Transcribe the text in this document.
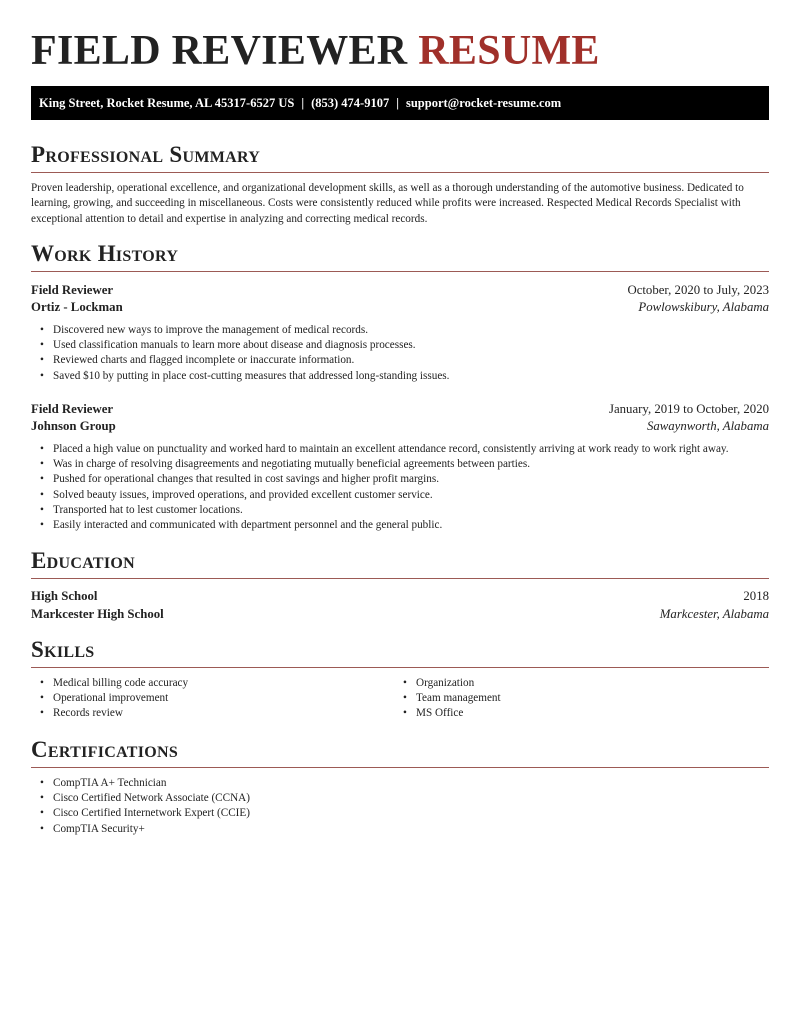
FIELD REVIEWER RESUME
King Street, Rocket Resume, AL 45317-6527 US | (853) 474-9107 | support@rocket-resume.com
Professional Summary

Proven leadership, operational excellence, and organizational development skills, as well as a thorough understanding of the automotive business. Dedicated to learning, growing, and succeeding in miscellaneous. Costs were consistently reduced while profits were increased. Respected Medical Records Specialist with exceptional attention to detail and expertise in analyzing and correcting medical records.

Work History
Field Reviewer	October, 2020 to July, 2023
Ortiz - Lockman	Powlowskibury, Alabama
• Discovered new ways to improve the management of medical records.
• Used classification manuals to learn more about disease and diagnosis processes.
• Reviewed charts and flagged incomplete or inaccurate information.
• Saved $10 by putting in place cost-cutting measures that addressed long-standing issues.
Field Reviewer	January, 2019 to October, 2020
Johnson Group	Sawaynworth, Alabama
• Placed a high value on punctuality and worked hard to maintain an excellent attendance record, consistently arriving at work ready to work right away.
• Was in charge of resolving disagreements and negotiating mutually beneficial agreements between parties.
• Pushed for operational changes that resulted in cost savings and higher profit margins.
• Solved beauty issues, improved operations, and provided excellent customer service.
• Transported hat to lest customer locations.
• Easily interacted and communicated with department personnel and the general public.
Education
High School	2018
Markcester High School	Markcester, Alabama
Skills
• Medical billing code accuracy
• Operational improvement
• Records review
• Organization
• Team management
• MS Office
Certifications
• CompTIA A+ Technician
• Cisco Certified Network Associate (CCNA)
• Cisco Certified Internetwork Expert (CCIE)
• CompTIA Security+
